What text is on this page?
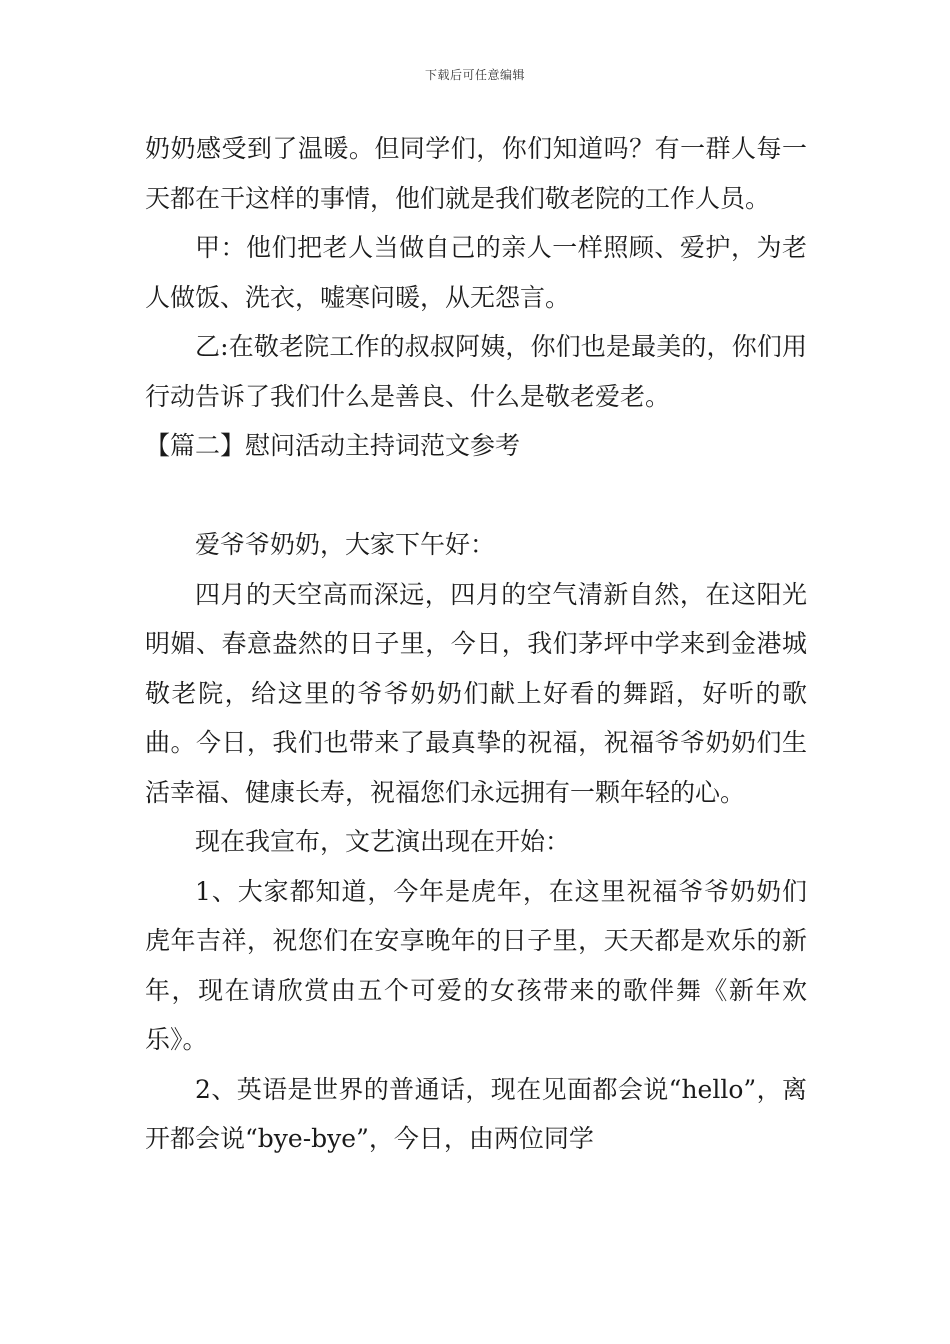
下载后可任意编辑

奶奶感受到了温暖。但同学们，你们知道吗？有一群人每一天都在干这样的事情，他们就是我们敬老院的工作人员。

甲：他们把老人当做自己的亲人一样照顾、爱护，为老人做饭、洗衣，嘘寒问暖，从无怨言。

乙:在敬老院工作的叔叔阿姨，你们也是最美的，你们用行动告诉了我们什么是善良、什么是敬老爱老。

【篇二】慰问活动主持词范文参考

爱爷爷奶奶，大家下午好：

四月的天空高而深远，四月的空气清新自然，在这阳光明媚、春意盎然的日子里，今日，我们茅坪中学来到金港城敬老院，给这里的爷爷奶奶们献上好看的舞蹈，好听的歌曲。今日，我们也带来了最真挚的祝福，祝福爷爷奶奶们生活幸福、健康长寿，祝福您们永远拥有一颗年轻的心。

现在我宣布，文艺演出现在开始：

1、大家都知道，今年是虎年，在这里祝福爷爷奶奶们虎年吉祥，祝您们在安享晚年的日子里，天天都是欢乐的新年，现在请欣赏由五个可爱的女孩带来的歌伴舞《新年欢乐》。

2、英语是世界的普通话，现在见面都会说“hello”，离开都会说“bye-bye”，今日，由两位同学
